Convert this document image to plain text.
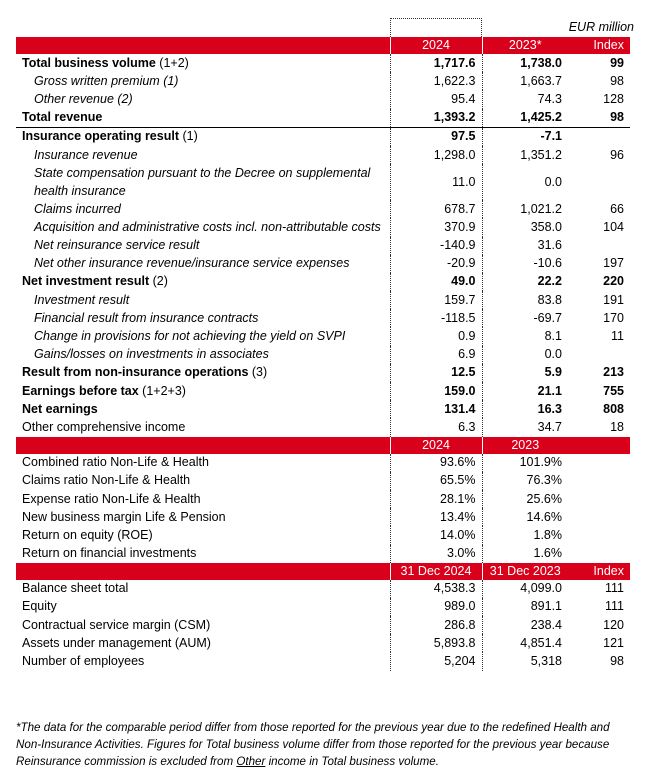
EUR million
	2024	2023*	Index
Total business volume (1+2)	1,717.6	1,738.0	99
Gross written premium (1)	1,622.3	1,663.7	98
Other revenue (2)	95.4	74.3	128
Total revenue	1,393.2	1,425.2	98
Insurance operating result (1)	97.5	-7.1	
Insurance revenue	1,298.0	1,351.2	96
State compensation pursuant to the Decree on supplemental health insurance	11.0	0.0	
Claims incurred	678.7	1,021.2	66
Acquisition and administrative costs incl. non-attributable costs	370.9	358.0	104
Net reinsurance service result	-140.9	31.6	
Net other insurance revenue/insurance service expenses	-20.9	-10.6	197
Net investment result (2)	49.0	22.2	220
Investment result	159.7	83.8	191
Financial result from insurance contracts	-118.5	-69.7	170
Change in provisions for not achieving the yield on SVPI	0.9	8.1	11
Gains/losses on investments in associates	6.9	0.0	
Result from non-insurance operations (3)	12.5	5.9	213
Earnings before tax (1+2+3)	159.0	21.1	755
Net earnings	131.4	16.3	808
Other comprehensive income	6.3	34.7	18
	2024	2023	
Combined ratio Non-Life & Health	93.6%	101.9%	
Claims ratio Non-Life & Health	65.5%	76.3%	
Expense ratio Non-Life & Health	28.1%	25.6%	
New business margin Life & Pension	13.4%	14.6%	
Return on equity (ROE)	14.0%	1.8%	
Return on financial investments	3.0%	1.6%	
	31 Dec 2024	31 Dec 2023	Index
Balance sheet total	4,538.3	4,099.0	111
Equity	989.0	891.1	111
Contractual service margin (CSM)	286.8	238.4	120
Assets under management (AUM)	5,893.8	4,851.4	121
Number of employees	5,204	5,318	98
*The data for the comparable period differ from those reported for the previous year due to the redefined Health and Non-Insurance Activities. Figures for Total business volume differ from those reported for the previous year because Reinsurance commission is excluded from Other income in Total business volume.
